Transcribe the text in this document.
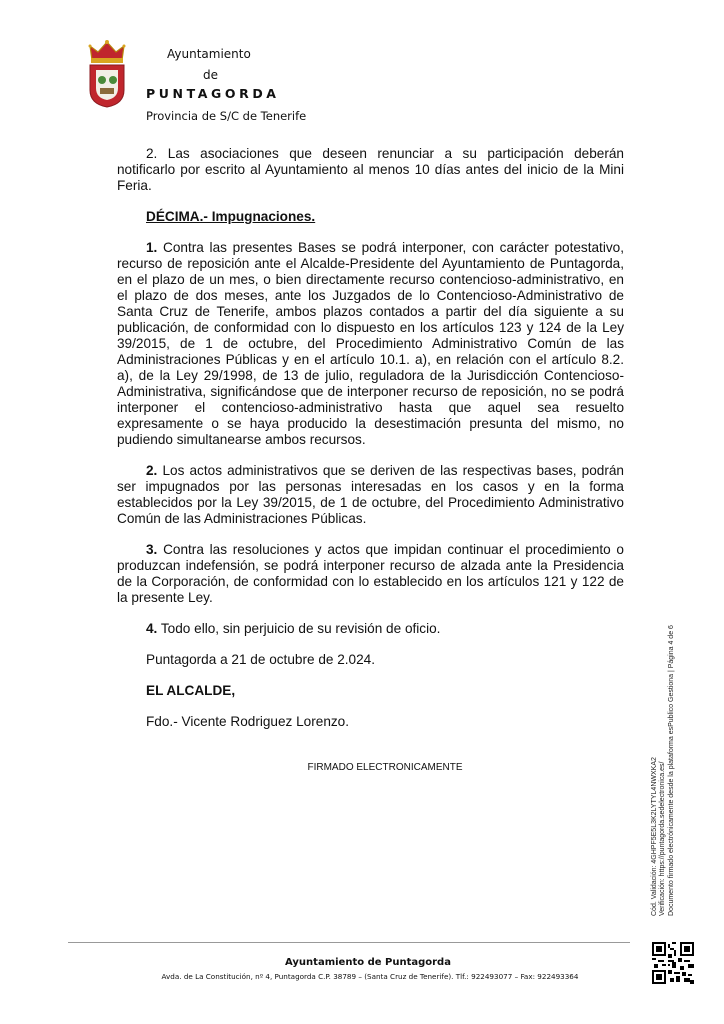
Ayuntamiento
de
PUNTAGORDA
Provincia de S/C de Tenerife

2. Las asociaciones que deseen renunciar a su participación deberán notificarlo por escrito al Ayuntamiento al menos 10 días antes del inicio de la Mini Feria.

DÉCIMA.- Impugnaciones.

1. Contra las presentes Bases se podrá interponer, con carácter potestativo, recurso de reposición ante el Alcalde-Presidente del Ayuntamiento de Puntagorda, en el plazo de un mes, o bien directamente recurso contencioso-administrativo, en el plazo de dos meses, ante los Juzgados de lo Contencioso-Administrativo de Santa Cruz de Tenerife, ambos plazos contados a partir del día siguiente a su publicación, de conformidad con lo dispuesto en los artículos 123 y 124 de la Ley 39/2015, de 1 de octubre, del Procedimiento Administrativo Común de las Administraciones Públicas y en el artículo 10.1. a), en relación con el artículo 8.2. a), de la Ley 29/1998, de 13 de julio, reguladora de la Jurisdicción Contencioso-Administrativa, significándose que de interponer recurso de reposición, no se podrá interponer el contencioso-administrativo hasta que aquel sea resuelto expresamente o se haya producido la desestimación presunta del mismo, no pudiendo simultanearse ambos recursos.

2. Los actos administrativos que se deriven de las respectivas bases, podrán ser impugnados por las personas interesadas en los casos y en la forma establecidos por la Ley 39/2015, de 1 de octubre, del Procedimiento Administrativo Común de las Administraciones Públicas.

3. Contra las resoluciones y actos que impidan continuar el procedimiento o produzcan indefensión, se podrá interponer recurso de alzada ante la Presidencia de la Corporación, de conformidad con lo establecido en los artículos 121 y 122 de la presente Ley.

4. Todo ello, sin perjuicio de su revisión de oficio.

Puntagorda a 21 de octubre de 2.024.

EL ALCALDE,

Fdo.- Vicente Rodriguez Lorenzo.

FIRMADO ELECTRONICAMENTE	Cód. Validación: 4GHPF5E5L3K2LYTYL4NWXKA2 Verificación: https://puntagorda.sedelectronica.es/ Documento firmado electrónicamente desde la plataforma esPublico Gestiona | Página 4 de 6
Ayuntamiento de Puntagorda
Avda. de La Constitución, nº 4, Puntagorda C.P. 38789 – (Santa Cruz de Tenerife). Tlf.: 922493077 – Fax: 922493364
